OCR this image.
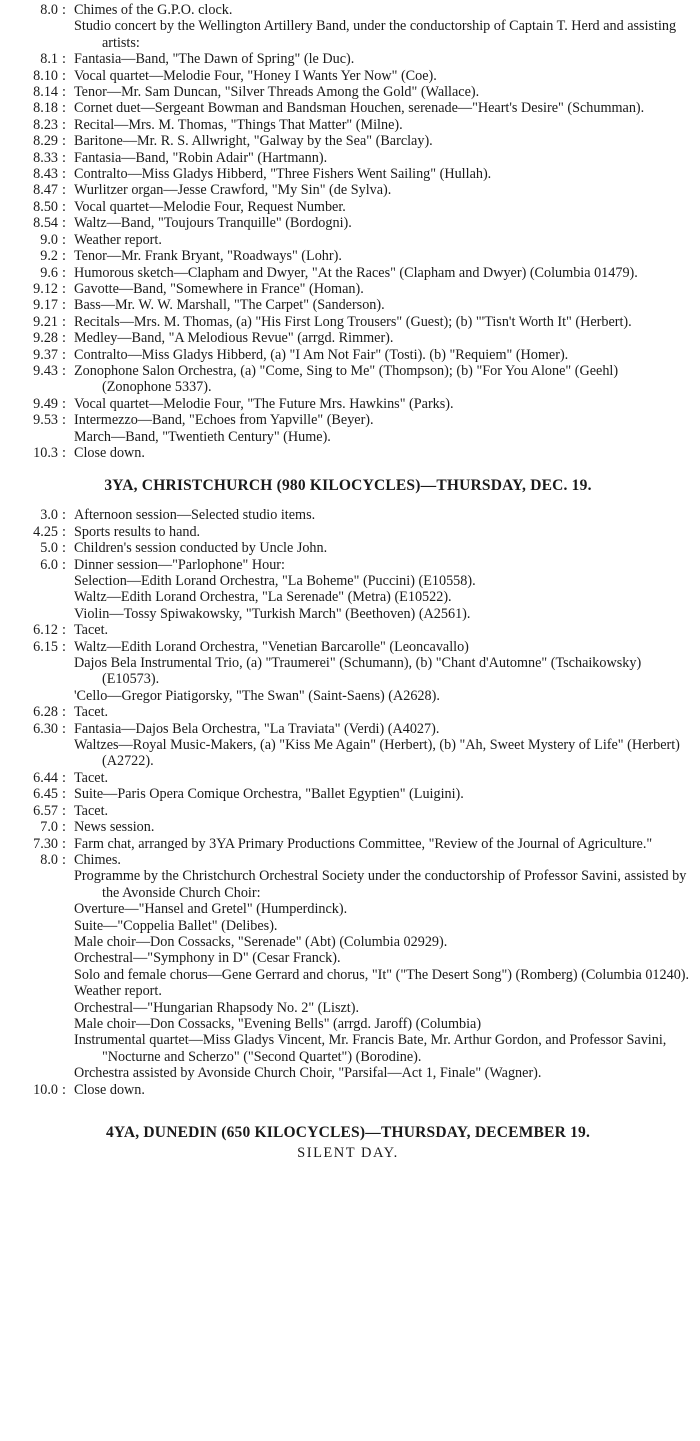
8.0 : Chimes of the G.P.O. clock.
Studio concert by the Wellington Artillery Band, under the conductorship of Captain T. Herd and assisting artists:
8.1 : Fantasia—Band, "The Dawn of Spring" (le Duc).
8.10 : Vocal quartet—Melodie Four, "Honey I Wants Yer Now" (Coe).
8.14 : Tenor—Mr. Sam Duncan, "Silver Threads Among the Gold" (Wallace).
8.18 : Cornet duet—Sergeant Bowman and Bandsman Houchen, serenade—"Heart's Desire" (Schumman).
8.23 : Recital—Mrs. M. Thomas, "Things That Matter" (Milne).
8.29 : Baritone—Mr. R. S. Allwright, "Galway by the Sea" (Barclay).
8.33 : Fantasia—Band, "Robin Adair" (Hartmann).
8.43 : Contralto—Miss Gladys Hibberd, "Three Fishers Went Sailing" (Hullah).
8.47 : Wurlitzer organ—Jesse Crawford, "My Sin" (de Sylva).
8.50 : Vocal quartet—Melodie Four, Request Number.
8.54 : Waltz—Band, "Toujours Tranquille" (Bordogni).
9.0 : Weather report.
9.2 : Tenor—Mr. Frank Bryant, "Roadways" (Lohr).
9.6 : Humorous sketch—Clapham and Dwyer, "At the Races" (Clapham and Dwyer) (Columbia 01479).
9.12 : Gavotte—Band, "Somewhere in France" (Homan).
9.17 : Bass—Mr. W. W. Marshall, "The Carpet" (Sanderson).
9.21 : Recitals—Mrs. M. Thomas, (a) "His First Long Trousers" (Guest); (b) "'Tisn't Worth It" (Herbert).
9.28 : Medley—Band, "A Melodious Revue" (arrgd. Rimmer).
9.37 : Contralto—Miss Gladys Hibberd, (a) "I Am Not Fair" (Tosti). (b) "Requiem" (Homer).
9.43 : Zonophone Salon Orchestra, (a) "Come, Sing to Me" (Thompson); (b) "For You Alone" (Geehl) (Zonophone 5337).
9.49 : Vocal quartet—Melodie Four, "The Future Mrs. Hawkins" (Parks).
9.53 : Intermezzo—Band, "Echoes from Yapville" (Beyer).
March—Band, "Twentieth Century" (Hume).
10.3 : Close down.
3YA, CHRISTCHURCH (980 KILOCYCLES)—THURSDAY, DEC. 19.
3.0 : Afternoon session—Selected studio items.
4.25 : Sports results to hand.
5.0 : Children's session conducted by Uncle John.
6.0 : Dinner session—"Parlophone" Hour:
Selection—Edith Lorand Orchestra, "La Boheme" (Puccini) (E10558).
Waltz—Edith Lorand Orchestra, "La Serenade" (Metra) (E10522).
Violin—Tossy Spiwakowsky, "Turkish March" (Beethoven) (A2561).
6.12 : Tacet.
6.15 : Waltz—Edith Lorand Orchestra, "Venetian Barcarolle" (Leoncavallo)
Dajos Bela Instrumental Trio, (a) "Traumerei" (Schumann), (b) "Chant d'Automne" (Tschaikowsky) (E10573).
'Cello—Gregor Piatigorsky, "The Swan" (Saint-Saens) (A2628).
6.28 : Tacet.
6.30 : Fantasia—Dajos Bela Orchestra, "La Traviata" (Verdi) (A4027).
Waltzes—Royal Music-Makers, (a) "Kiss Me Again" (Herbert), (b) "Ah, Sweet Mystery of Life" (Herbert) (A2722).
6.44 : Tacet.
6.45 : Suite—Paris Opera Comique Orchestra, "Ballet Egyptien" (Luigini).
6.57 : Tacet.
7.0 : News session.
7.30 : Farm chat, arranged by 3YA Primary Productions Committee, "Review of the Journal of Agriculture."
8.0 : Chimes.
Programme by the Christchurch Orchestral Society under the conductorship of Professor Savini, assisted by the Avonside Church Choir:
Overture—"Hansel and Gretel" (Humperdinck).
Suite—"Coppelia Ballet" (Delibes).
Male choir—Don Cossacks, "Serenade" (Abt) (Columbia 02929).
Orchestral—"Symphony in D" (Cesar Franck).
Solo and female chorus—Gene Gerrard and chorus, "It" ("The Desert Song") (Romberg) (Columbia 01240).
Weather report.
Orchestral—"Hungarian Rhapsody No. 2" (Liszt).
Male choir—Don Cossacks, "Evening Bells" (arrgd. Jaroff) (Columbia)
Instrumental quartet—Miss Gladys Vincent, Mr. Francis Bate, Mr. Arthur Gordon, and Professor Savini, "Nocturne and Scherzo" ("Second Quartet") (Borodine).
Orchestra assisted by Avonside Church Choir, "Parsifal—Act 1, Finale" (Wagner).
10.0 : Close down.
4YA, DUNEDIN (650 KILOCYCLES)—THURSDAY, DECEMBER 19.
SILENT DAY.
